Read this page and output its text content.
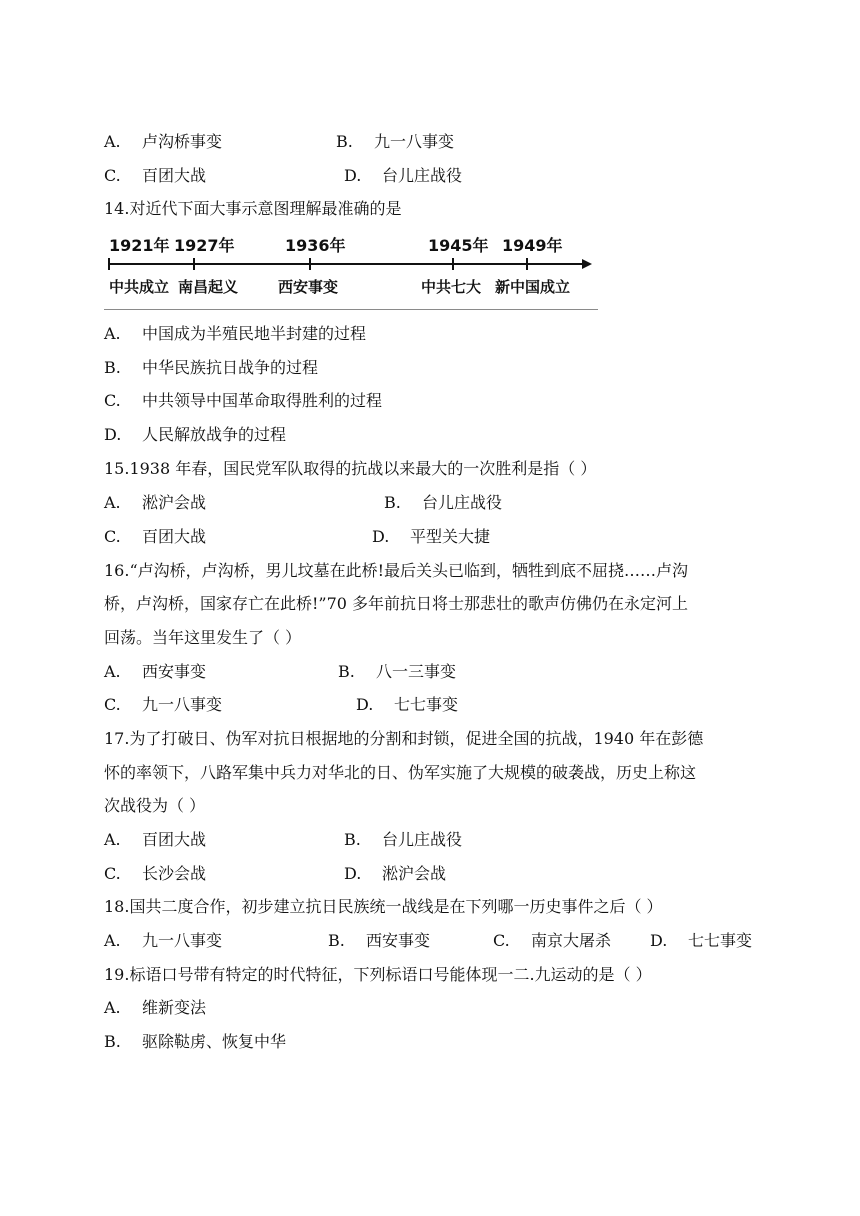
A. 卢沟桥事变	B. 九一八事变
C. 百团大战	D. 台儿庄战役
14.对近代下面大事示意图理解最准确的是
1921年
中共成立
1927年
南昌起义
1936年
西安事变
1945年
中共七大
1949年
新中国成立
A. 中国成为半殖民地半封建的过程
B. 中华民族抗日战争的过程
C. 中共领导中国革命取得胜利的过程
D. 人民解放战争的过程
15.1938 年春，国民党军队取得的抗战以来最大的一次胜利是指（ ）
A. 淞沪会战	B. 台儿庄战役
C. 百团大战	D. 平型关大捷
16.“卢沟桥，卢沟桥，男儿坟墓在此桥!最后关头已临到，牺牲到底不屈挠……卢沟
桥，卢沟桥，国家存亡在此桥!”70 多年前抗日将士那悲壮的歌声仿佛仍在永定河上
回荡。当年这里发生了（ ）
A. 西安事变	B. 八一三事变
C. 九一八事变	D. 七七事变
17.为了打破日、伪军对抗日根据地的分割和封锁，促进全国的抗战，1940 年在彭德
怀的率领下，八路军集中兵力对华北的日、伪军实施了大规模的破袭战，历史上称这
次战役为（ ）
A. 百团大战	B. 台儿庄战役
C. 长沙会战	D. 淞沪会战
18.国共二度合作，初步建立抗日民族统一战线是在下列哪一历史事件之后（ ）
A. 九一八事变	B. 西安事变	C. 南京大屠杀 D. 七七事变
19.标语口号带有特定的时代特征，下列标语口号能体现一二.九运动的是（ ）
A. 维新变法
B. 驱除鞑虏、恢复中华
